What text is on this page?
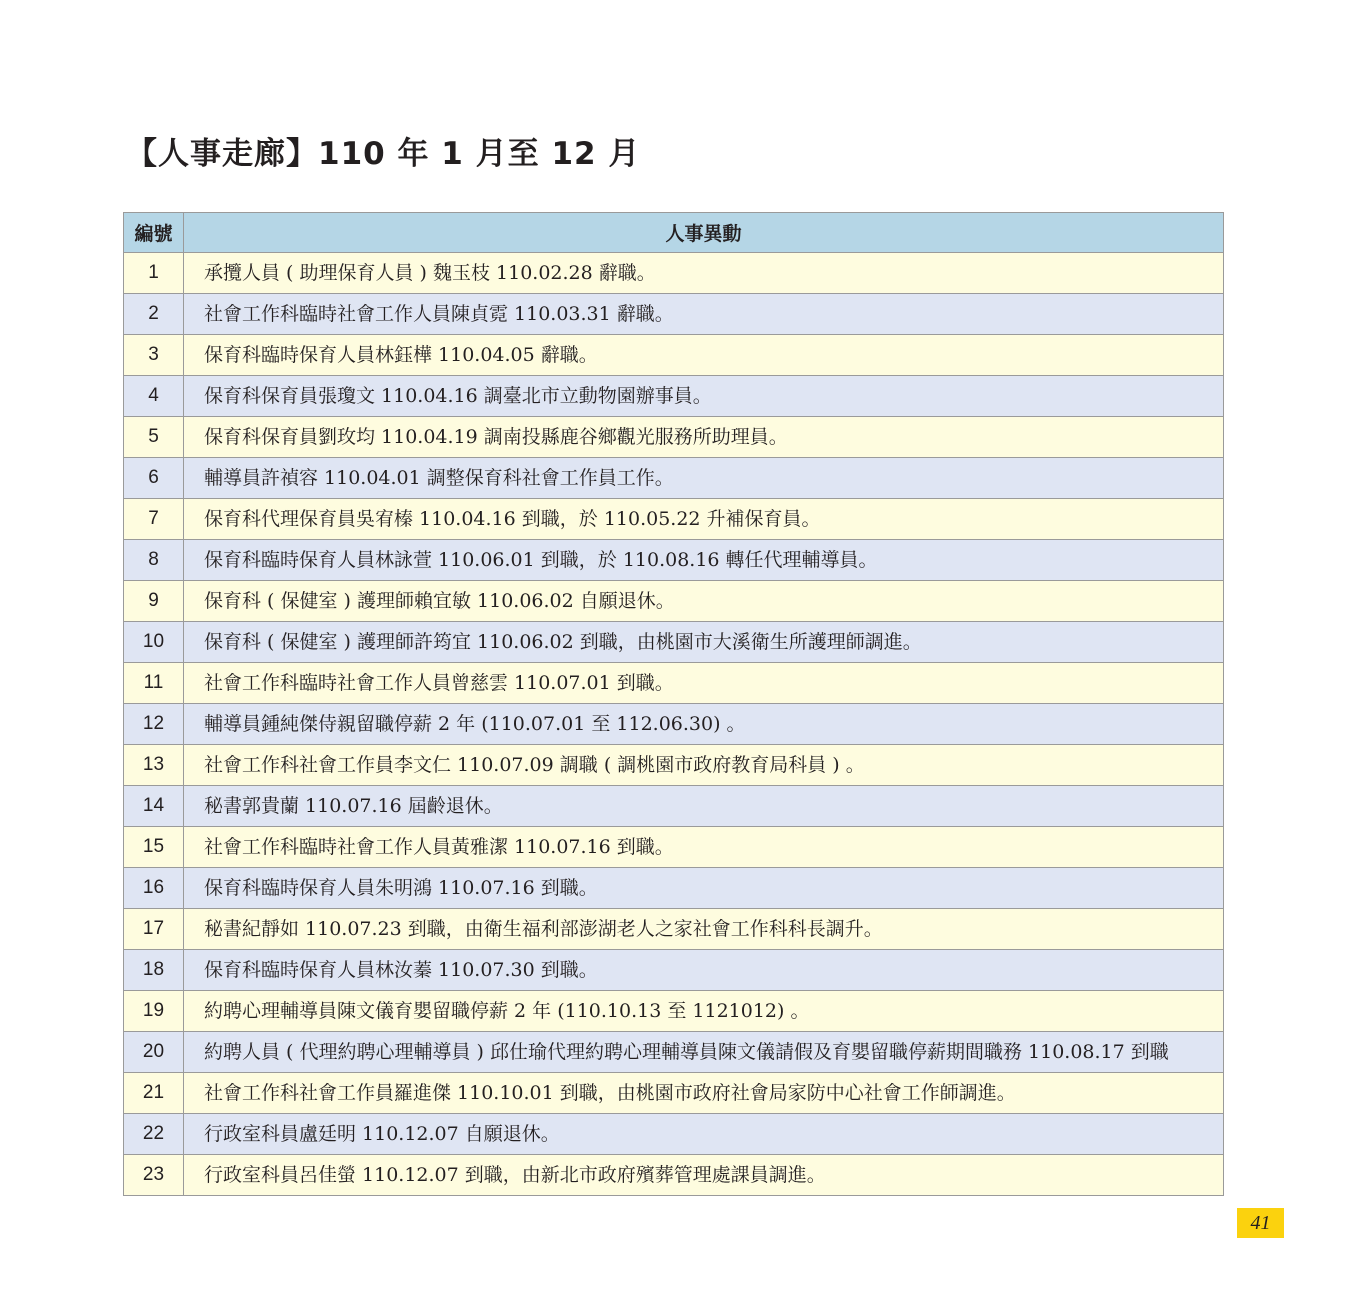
【人事走廊】110 年 1 月至 12 月
編號	人事異動
1	承攬人員 ( 助理保育人員 ) 魏玉枝 110.02.28 辭職。
2	社會工作科臨時社會工作人員陳貞霓 110.03.31 辭職。
3	保育科臨時保育人員林鈺樺 110.04.05 辭職。
4	保育科保育員張瓊文 110.04.16 調臺北市立動物園辦事員。
5	保育科保育員劉玫均 110.04.19 調南投縣鹿谷鄉觀光服務所助理員。
6	輔導員許禎容 110.04.01 調整保育科社會工作員工作。
7	保育科代理保育員吳宥榛 110.04.16 到職，於 110.05.22 升補保育員。
8	保育科臨時保育人員林詠萱 110.06.01 到職，於 110.08.16 轉任代理輔導員。
9	保育科 ( 保健室 ) 護理師賴宜敏 110.06.02 自願退休。
10	保育科 ( 保健室 ) 護理師許筠宜 110.06.02 到職，由桃園市大溪衛生所護理師調進。
11	社會工作科臨時社會工作人員曾慈雲 110.07.01 到職。
12	輔導員鍾純傑侍親留職停薪 2 年 (110.07.01 至 112.06.30) 。
13	社會工作科社會工作員李文仁 110.07.09 調職 ( 調桃園市政府教育局科員 ) 。
14	秘書郭貴蘭 110.07.16 屆齡退休。
15	社會工作科臨時社會工作人員黃雅潔 110.07.16 到職。
16	保育科臨時保育人員朱明鴻 110.07.16 到職。
17	秘書紀靜如 110.07.23 到職，由衛生福利部澎湖老人之家社會工作科科長調升。
18	保育科臨時保育人員林汝蓁 110.07.30 到職。
19	約聘心理輔導員陳文儀育嬰留職停薪 2 年 (110.10.13 至 1121012) 。
20	約聘人員 ( 代理約聘心理輔導員 ) 邱仕瑜代理約聘心理輔導員陳文儀請假及育嬰留職停薪期間職務 110.08.17 到職
21	社會工作科社會工作員羅進傑 110.10.01 到職，由桃園市政府社會局家防中心社會工作師調進。
22	行政室科員盧廷明 110.12.07 自願退休。
23	行政室科員呂佳螢 110.12.07 到職，由新北市政府殯葬管理處課員調進。
41
